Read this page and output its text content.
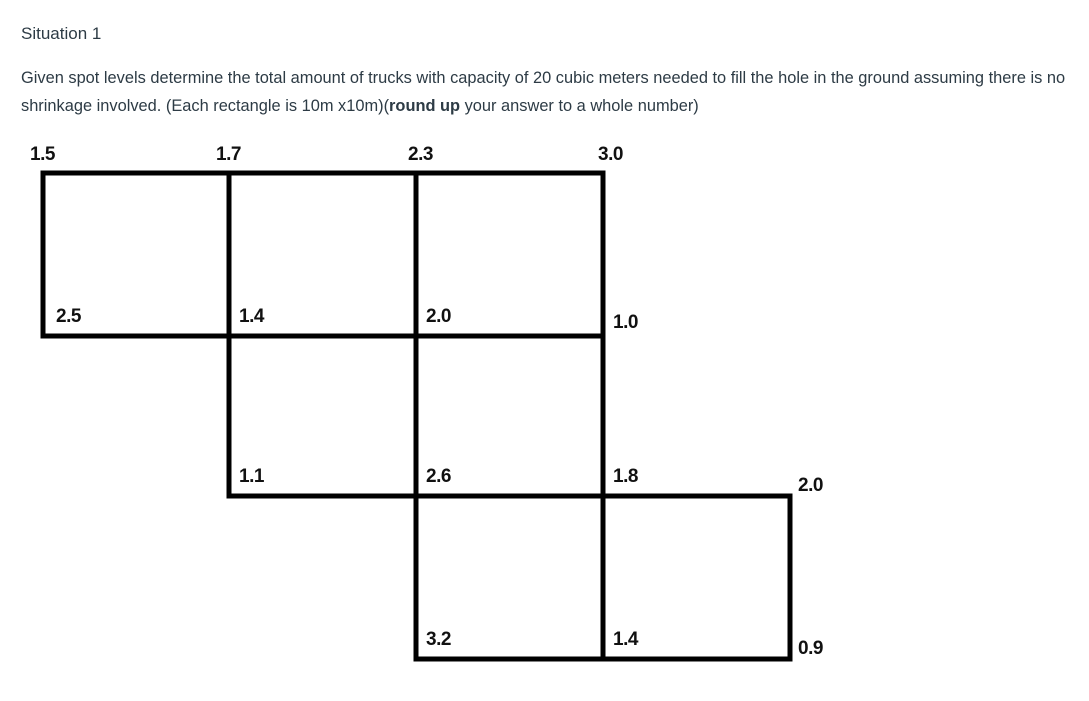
Situation 1

Given spot levels determine the total amount of trucks with capacity of 20 cubic meters needed to fill the hole in the ground assuming there is no shrinkage involved. (Each rectangle is 10m x10m)(round up your answer to a whole number)

1.5	1.7	2.3	3.0
2.5	1.4	2.0	1.0
1.1	2.6	1.8	2.0
3.2	1.4	0.9
